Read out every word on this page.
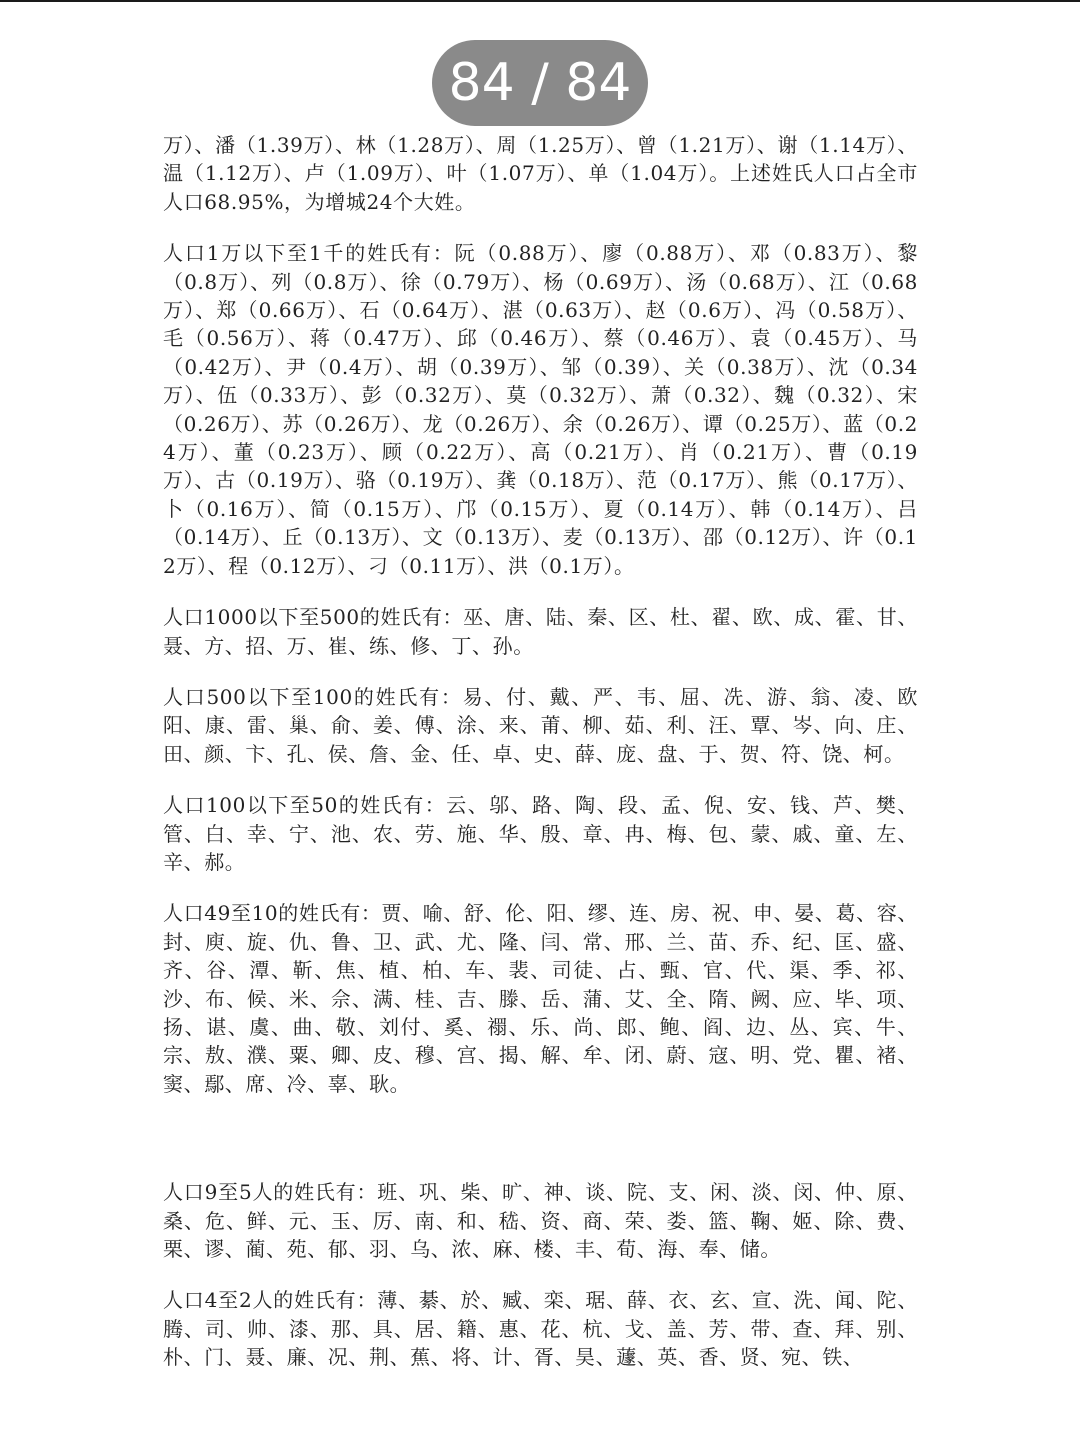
84 / 84

万）、潘（1.39万）、林（1.28万）、周（1.25万）、曾（1.21万）、谢（1.14万）、温（1.12万）、卢（1.09万）、叶（1.07万）、单（1.04万）。上述姓氏人口占全市人口68.95%，为增城24个大姓。

人口1万以下至1千的姓氏有：阮（0.88万）、廖（0.88万）、邓（0.83万）、黎（0.8万）、列（0.8万）、徐（0.79万）、杨（0.69万）、汤（0.68万）、江（0.68万）、郑（0.66万）、石（0.64万）、湛（0.63万）、赵（0.6万）、冯（0.58万）、毛（0.56万）、蒋（0.47万）、邱（0.46万）、蔡（0.46万）、袁（0.45万）、马（0.42万）、尹（0.4万）、胡（0.39万）、邹（0.39）、关（0.38万）、沈（0.34万）、伍（0.33万）、彭（0.32万）、莫（0.32万）、萧（0.32）、魏（0.32）、宋（0.26万）、苏（0.26万）、龙（0.26万）、余（0.26万）、谭（0.25万）、蓝（0.24万）、董（0.23万）、顾（0.22万）、高（0.21万）、肖（0.21万）、曹（0.19万）、古（0.19万）、骆（0.19万）、龚（0.18万）、范（0.17万）、熊（0.17万）、卜（0.16万）、简（0.15万）、邝（0.15万）、夏（0.14万）、韩（0.14万）、吕（0.14万）、丘（0.13万）、文（0.13万）、麦（0.13万）、邵（0.12万）、许（0.12万）、程（0.12万）、刁（0.11万）、洪（0.1万）。

人口1000以下至500的姓氏有：巫、唐、陆、秦、区、杜、翟、欧、成、霍、甘、聂、方、招、万、崔、练、修、丁、孙。

人口500以下至100的姓氏有：易、付、戴、严、韦、屈、冼、游、翁、凌、欧阳、康、雷、巢、俞、姜、傅、涂、来、莆、柳、茹、利、汪、覃、岑、向、庄、田、颜、卞、孔、侯、詹、金、任、卓、史、薛、庞、盘、于、贺、符、饶、柯。

人口100以下至50的姓氏有：云、邬、路、陶、段、孟、倪、安、钱、芦、樊、管、白、幸、宁、池、农、劳、施、华、殷、章、冉、梅、包、蒙、戚、童、左、辛、郝。

人口49至10的姓氏有：贾、喻、舒、伦、阳、缪、连、房、祝、申、晏、葛、容、封、庾、旋、仇、鲁、卫、武、尤、隆、闫、常、邢、兰、苗、乔、纪、匡、盛、齐、谷、潭、靳、焦、植、柏、车、裴、司徒、占、甄、官、代、渠、季、祁、沙、布、候、米、佘、满、桂、吉、滕、岳、蒲、艾、全、隋、阙、应、毕、项、扬、谌、虞、曲、敬、刘付、奚、禤、乐、尚、郎、鲍、阎、边、丛、宾、牛、宗、敖、濮、粟、卿、皮、穆、宫、揭、解、牟、闭、蔚、寇、明、党、瞿、褚、窦、鄢、席、冷、辜、耿。

人口9至5人的姓氏有：班、巩、柴、旷、神、谈、院、支、闲、淡、闵、仲、原、桑、危、鲜、元、玉、厉、南、和、嵇、资、商、荣、娄、篮、鞠、姬、除、费、栗、谬、蔺、苑、郁、羽、乌、浓、麻、楼、丰、荀、海、奉、储。

人口4至2人的姓氏有：薄、綦、於、臧、栾、琚、薛、衣、玄、宣、洗、闻、陀、腾、司、帅、漆、那、具、居、籍、惠、花、杭、戈、盖、芳、带、查、拜、别、朴、门、聂、廉、况、荆、蕉、将、计、胥、昊、蘧、英、香、贤、宛、铁、
